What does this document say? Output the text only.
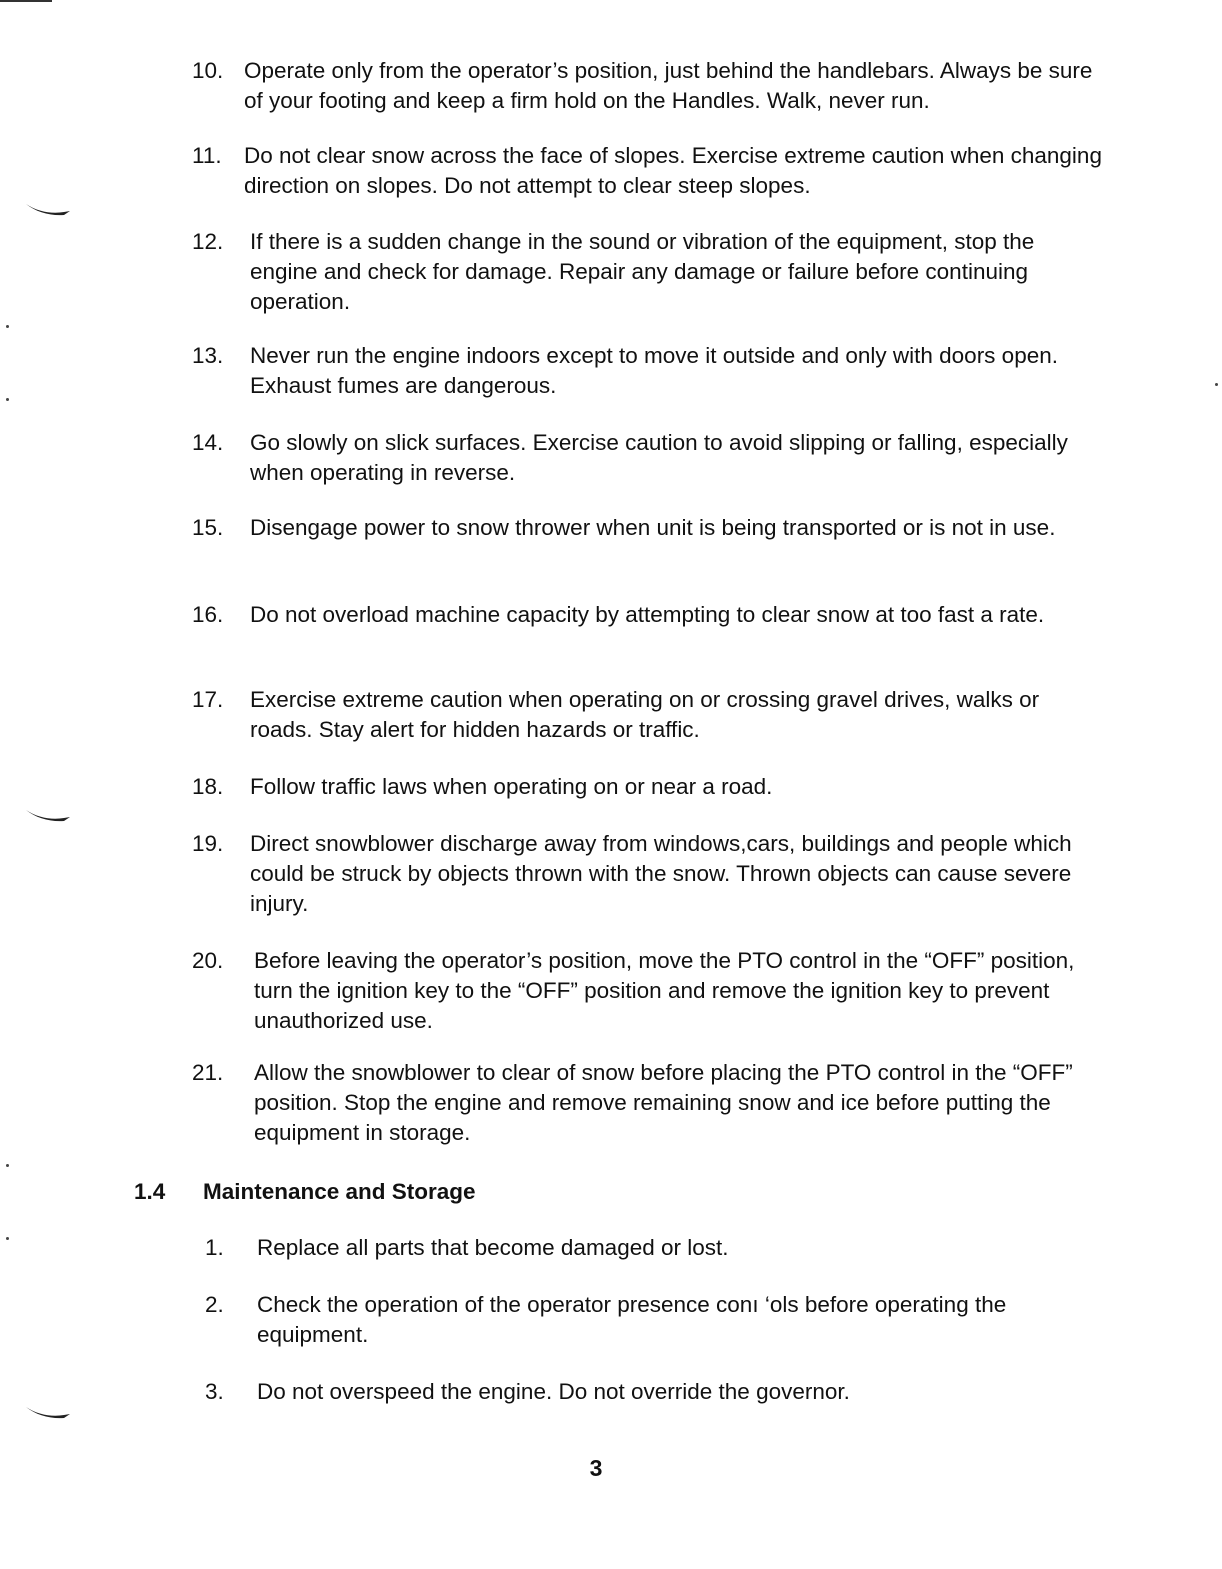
10. Operate only from the operator’s position, just behind the handlebars. Always be sure of your footing and keep a firm hold on the Handles. Walk, never run.
11. Do not clear snow across the face of slopes. Exercise extreme caution when changing direction on slopes. Do not attempt to clear steep slopes.
12.	If there is a sudden change in the sound or vibration of the equipment, stop the engine and check for damage. Repair any damage or failure before continuing operation.
13.	Never run the engine indoors except to move it outside and only with doors open. Exhaust fumes are dangerous.
14.	Go slowly on slick surfaces. Exercise caution to avoid slipping or falling, especially when operating in reverse.
15.	Disengage power to snow thrower when unit is being transported or is not in use.
16.	Do not overload machine capacity by attempting to clear snow at too fast a rate.
17.	Exercise extreme caution when operating on or crossing gravel drives, walks or roads. Stay alert for hidden hazards or traffic.
18.	Follow traffic laws when operating on or near a road.
19.	Direct snowblower discharge away from windows,cars, buildings and people which could be struck by objects thrown with the snow. Thrown objects can cause severe injury.
20.	Before leaving the operator’s position, move the PTO control in the “OFF” position, turn the ignition key to the “OFF” position and remove the ignition key to prevent unauthorized use.
21.	Allow the snowblower to clear of snow before placing the PTO control in the “OFF” position. Stop the engine and remove remaining snow and ice before putting the equipment in storage.
1.4 Maintenance and Storage
1.	Replace all parts that become damaged or lost.
2.	Check the operation of the operator presence conı ‘ols before operating the equipment.
3.	Do not overspeed the engine. Do not override the governor.
3
